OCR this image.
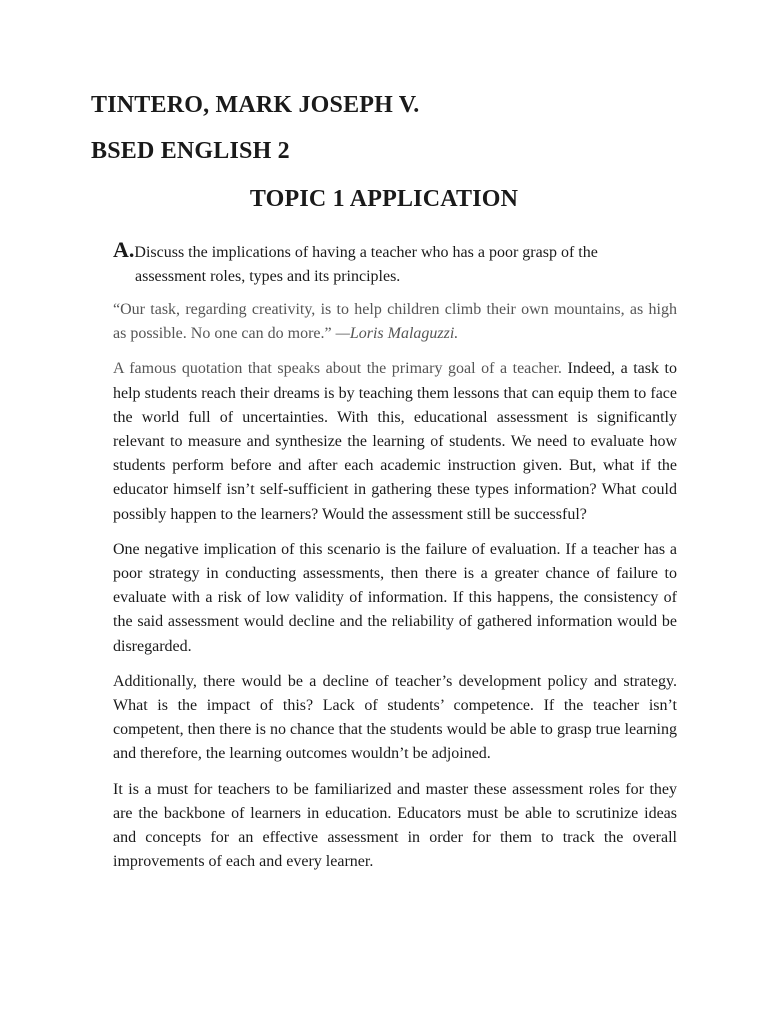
TINTERO, MARK JOSEPH V.
BSED ENGLISH 2
TOPIC 1 APPLICATION
A.Discuss the implications of having a teacher who has a poor grasp of the
assessment roles, types and its principles.

“Our task, regarding creativity, is to help children climb their own mountains, as high as possible. No one can do more.” —Loris Malaguzzi.

A famous quotation that speaks about the primary goal of a teacher. Indeed, a task to help students reach their dreams is by teaching them lessons that can equip them to face the world full of uncertainties. With this, educational assessment is significantly relevant to measure and synthesize the learning of students. We need to evaluate how students perform before and after each academic instruction given. But, what if the educator himself isn’t self-sufficient in gathering these types information? What could possibly happen to the learners? Would the assessment still be successful?

One negative implication of this scenario is the failure of evaluation. If a teacher has a poor strategy in conducting assessments, then there is a greater chance of failure to evaluate with a risk of low validity of information. If this happens, the consistency of the said assessment would decline and the reliability of gathered information would be disregarded.

Additionally, there would be a decline of teacher’s development policy and strategy. What is the impact of this? Lack of students’ competence. If the teacher isn’t competent, then there is no chance that the students would be able to grasp true learning and therefore, the learning outcomes wouldn’t be adjoined.

It is a must for teachers to be familiarized and master these assessment roles for they are the backbone of learners in education. Educators must be able to scrutinize ideas and concepts for an effective assessment in order for them to track the overall improvements of each and every learner.
